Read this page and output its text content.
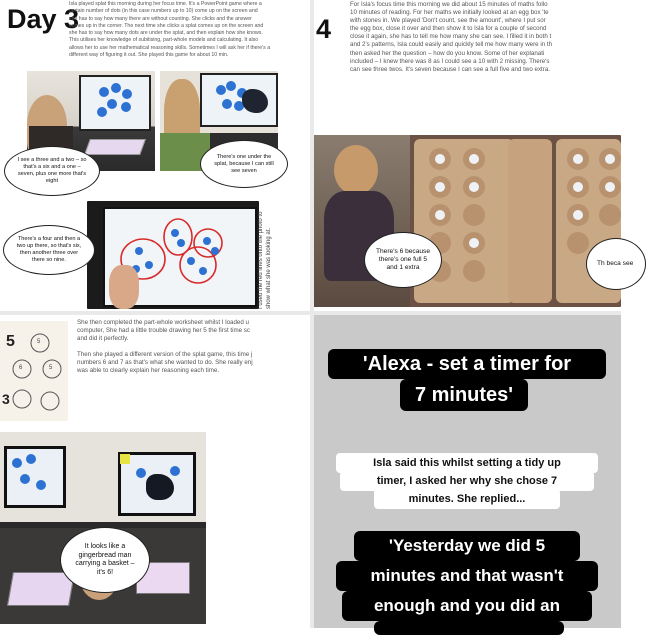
Day 3
Isla played splat this morning during her focus time. It's a PowerPoint game where a
certain number of dots (in this case numbers up to 10) come up on the screen and
she has to say how many there are without counting. She clicks and the answer
comes up in the corner. The next time she clicks a splat comes up on the screen and
she has to say how many dots are under the splat, and then explain how she knows.
This utilises her knowledge of subitising, part-whole models and calculating. It also
allows her to use her mathematical reasoning skills. Sometimes I will ask her if there's a
different way of figuring it out. She played this game for about 10 min.
I see a three and a two – so that's a six and a one – seven, plus one more that's eight
There's one under the splat, because I can still see seven
There's a four and then a two up there, so that's six, then another three over there so nine.	I used the red lines onto the photo to show what she was looking at.
4
For Isla's focus time this morning we did about 15 minutes of maths follo
10 minutes of reading. For her maths we initially looked at an egg box 'te
with stones in. We played 'Don't count, see the amount', where I put sor
the egg box, close it over and then show it to Isla for a couple of second
close it again, she has to tell me how many she can see. I filled it in both t
and 2's patterns, Isla could easily and quickly tell me how many were in th
then asked her the question – how do you know. Some of her explanati
included – I knew there was 8 as I could see a 10 with 2 missing. There's
can see three twos. It's seven because I can see a full five and two extra.
There's 6 because there's one full 5 and 1 extra
Th beca see
5	5
6	5
3
She then completed the part-whole worksheet whilst I loaded u
computer, She had a little trouble drawing her 5 the first time sc
and did it perfectly.
Then she played a different version of the splat game, this time j
numbers 6 and 7 as that's what she wanted to do. She really enj
was able to clearly explain her reasoning each time.
It looks like a gingerbread man carrying a basket – it's 6!
'Alexa - set a timer for
7 minutes'
Isla said this whilst setting a tidy up
timer, I asked her why she chose 7
minutes. She replied...
'Yesterday we did 5
minutes and that wasn't
enough and you did an
